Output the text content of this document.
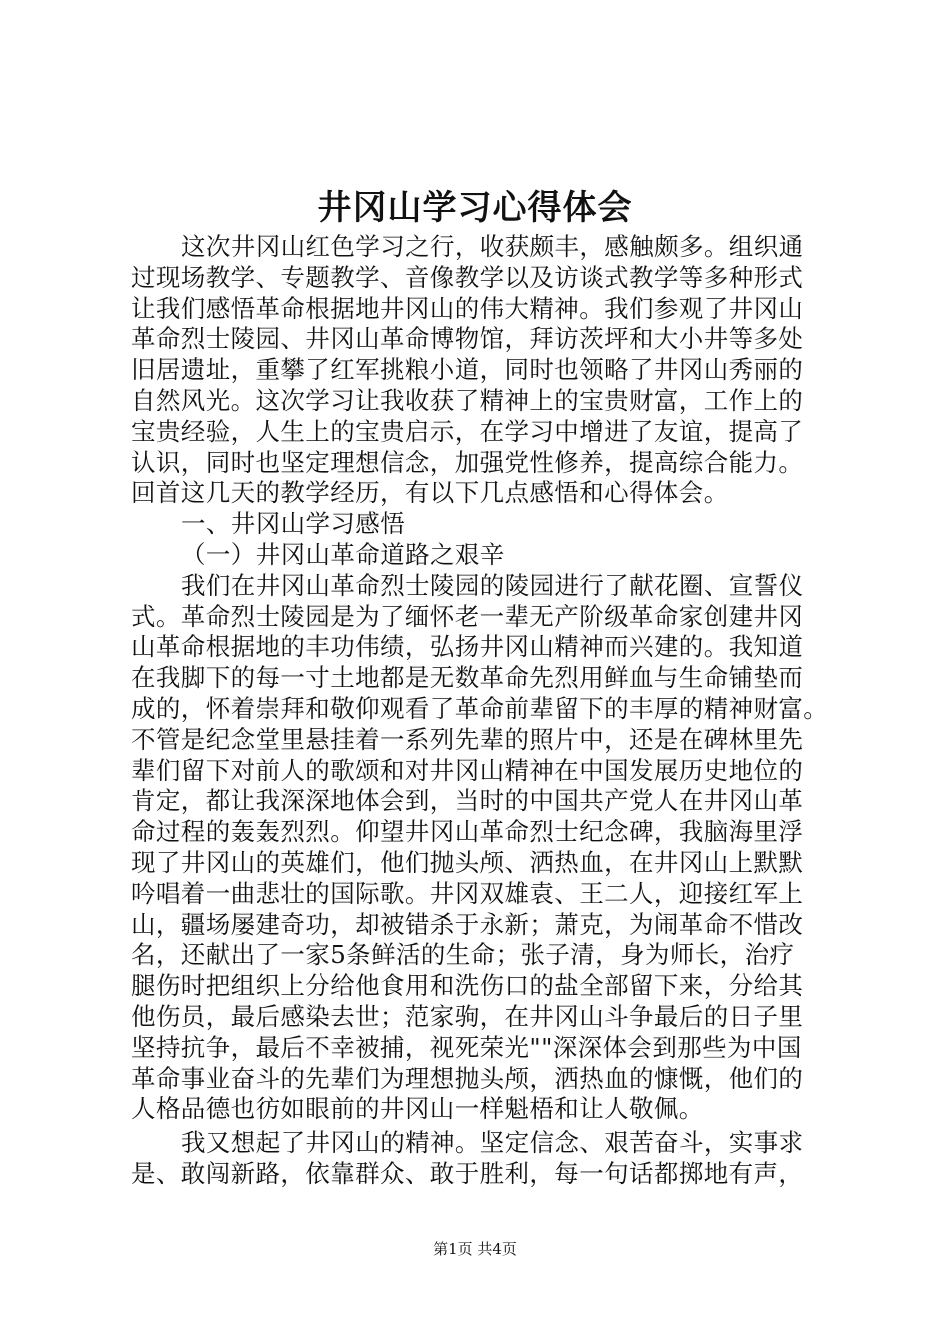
井冈山学习心得体会
这次井冈山红色学习之行，收获颇丰，感触颇多。组织通
过现场教学、专题教学、音像教学以及访谈式教学等多种形式
让我们感悟革命根据地井冈山的伟大精神。我们参观了井冈山
革命烈士陵园、井冈山革命博物馆，拜访茨坪和大小井等多处
旧居遗址，重攀了红军挑粮小道，同时也领略了井冈山秀丽的
自然风光。这次学习让我收获了精神上的宝贵财富，工作上的
宝贵经验，人生上的宝贵启示，在学习中增进了友谊，提高了
认识，同时也坚定理想信念，加强党性修养，提高综合能力。
回首这几天的教学经历，有以下几点感悟和心得体会。
一、井冈山学习感悟
（一）井冈山革命道路之艰辛
我们在井冈山革命烈士陵园的陵园进行了献花圈、宣誓仪
式。革命烈士陵园是为了缅怀老一辈无产阶级革命家创建井冈
山革命根据地的丰功伟绩，弘扬井冈山精神而兴建的。我知道
在我脚下的每一寸土地都是无数革命先烈用鲜血与生命铺垫而
成的，怀着崇拜和敬仰观看了革命前辈留下的丰厚的精神财富。
不管是纪念堂里悬挂着一系列先辈的照片中，还是在碑林里先
辈们留下对前人的歌颂和对井冈山精神在中国发展历史地位的
肯定，都让我深深地体会到，当时的中国共产党人在井冈山革
命过程的轰轰烈烈。仰望井冈山革命烈士纪念碑，我脑海里浮
现了井冈山的英雄们，他们抛头颅、洒热血，在井冈山上默默
吟唱着一曲悲壮的国际歌。井冈双雄袁、王二人，迎接红军上
山，疆场屡建奇功，却被错杀于永新；萧克，为闹革命不惜改
名，还献出了一家5条鲜活的生命；张子清，身为师长，治疗
腿伤时把组织上分给他食用和洗伤口的盐全部留下来，分给其
他伤员，最后感染去世；范家驹，在井冈山斗争最后的日子里
坚持抗争，最后不幸被捕，视死荣光""深深体会到那些为中国
革命事业奋斗的先辈们为理想抛头颅，洒热血的慷慨，他们的
人格品德也彷如眼前的井冈山一样魁梧和让人敬佩。
我又想起了井冈山的精神。坚定信念、艰苦奋斗，实事求
是、敢闯新路，依靠群众、敢于胜利，每一句话都掷地有声，
第1页 共4页
